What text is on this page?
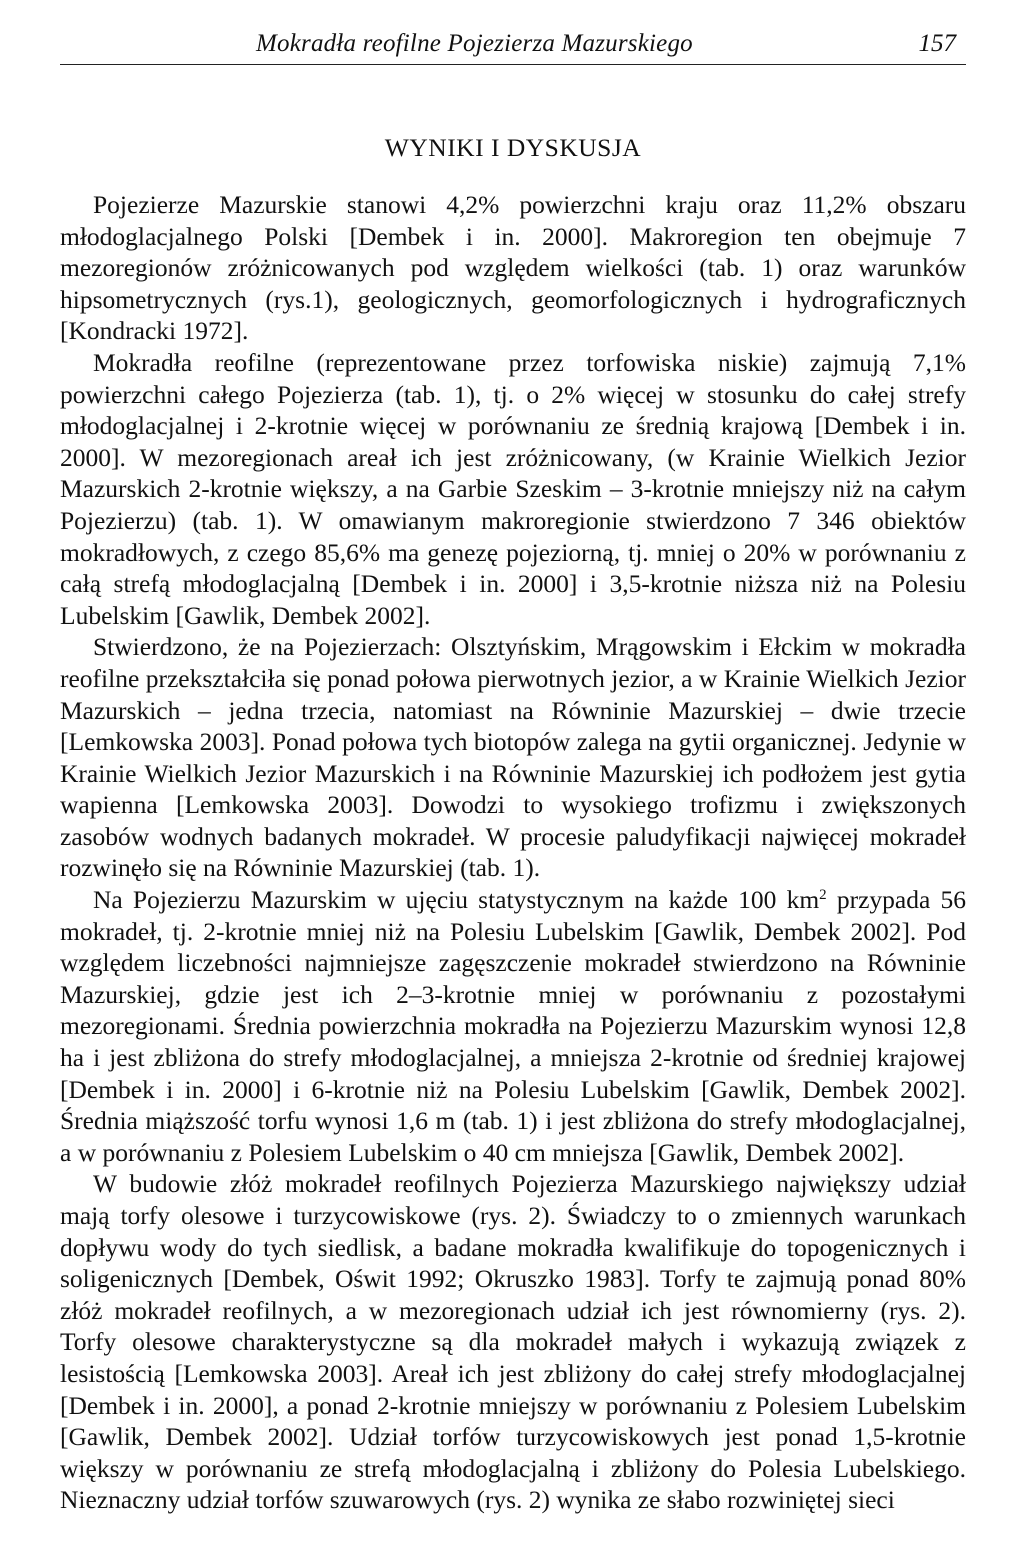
Mokradła reofilne Pojezierza Mazurskiego	157
WYNIKI I DYSKUSJA

Pojezierze Mazurskie stanowi 4,2% powierzchni kraju oraz 11,2% obszaru młodoglacjalnego Polski [Dembek i in. 2000]. Makroregion ten obejmuje 7 mezoregionów zróżnicowanych pod względem wielkości (tab. 1) oraz warunków hipsometrycznych (rys.1), geologicznych, geomorfologicznych i hydrograficznych [Kondracki 1972].

Mokradła reofilne (reprezentowane przez torfowiska niskie) zajmują 7,1% powierzchni całego Pojezierza (tab. 1), tj. o 2% więcej w stosunku do całej strefy młodoglacjalnej i 2-krotnie więcej w porównaniu ze średnią krajową [Dembek i in. 2000]. W mezoregionach areał ich jest zróżnicowany, (w Krainie Wielkich Jezior Mazurskich 2-krotnie większy, a na Garbie Szeskim – 3-krotnie mniejszy niż na całym Pojezierzu) (tab. 1). W omawianym makroregionie stwierdzono 7 346 obiektów mokradłowych, z czego 85,6% ma genezę pojeziorną, tj. mniej o 20% w porównaniu z całą strefą młodoglacjalną [Dembek i in. 2000] i 3,5-krotnie niższa niż na Polesiu Lubelskim [Gawlik, Dembek 2002].

Stwierdzono, że na Pojezierzach: Olsztyńskim, Mrągowskim i Ełckim w mokradła reofilne przekształciła się ponad połowa pierwotnych jezior, a w Krainie Wielkich Jezior Mazurskich – jedna trzecia, natomiast na Równinie Mazurskiej – dwie trzecie [Lemkowska 2003]. Ponad połowa tych biotopów zalega na gytii organicznej. Jedynie w Krainie Wielkich Jezior Mazurskich i na Równinie Mazurskiej ich podłożem jest gytia wapienna [Lemkowska 2003]. Dowodzi to wysokiego trofizmu i zwiększonych zasobów wodnych badanych mokradeł. W procesie paludyfikacji najwięcej mokradeł rozwinęło się na Równinie Mazurskiej (tab. 1).

Na Pojezierzu Mazurskim w ujęciu statystycznym na każde 100 $km^2$ przypada 56 mokradeł, tj. 2-krotnie mniej niż na Polesiu Lubelskim [Gawlik, Dembek 2002]. Pod względem liczebności najmniejsze zagęszczenie mokradeł stwierdzono na Równinie Mazurskiej, gdzie jest ich 2–3-krotnie mniej w porównaniu z pozostałymi mezoregionami. Średnia powierzchnia mokradła na Pojezierzu Mazurskim wynosi 12,8 ha i jest zbliżona do strefy młodoglacjalnej, a mniejsza 2-krotnie od średniej krajowej [Dembek i in. 2000] i 6-krotnie niż na Polesiu Lubelskim [Gawlik, Dembek 2002]. Średnia miąższość torfu wynosi 1,6 m (tab. 1) i jest zbliżona do strefy młodoglacjalnej, a w porównaniu z Polesiem Lubelskim o 40 cm mniejsza [Gawlik, Dembek 2002].

W budowie złóż mokradeł reofilnych Pojezierza Mazurskiego największy udział mają torfy olesowe i turzycowiskowe (rys. 2). Świadczy to o zmiennych warunkach dopływu wody do tych siedlisk, a badane mokradła kwalifikuje do topogenicznych i soligenicznych [Dembek, Oświt 1992; Okruszko 1983]. Torfy te zajmują ponad 80% złóż mokradeł reofilnych, a w mezoregionach udział ich jest równomierny (rys. 2). Torfy olesowe charakterystyczne są dla mokradeł małych i wykazują związek z lesistością [Lemkowska 2003]. Areał ich jest zbliżony do całej strefy młodoglacjalnej [Dembek i in. 2000], a ponad 2-krotnie mniejszy w porównaniu z Polesiem Lubelskim [Gawlik, Dembek 2002]. Udział torfów turzycowiskowych jest ponad 1,5-krotnie większy w porównaniu ze strefą młodoglacjalną i zbliżony do Polesia Lubelskiego. Nieznaczny udział torfów szuwarowych (rys. 2) wynika ze słabo rozwiniętej sieci
